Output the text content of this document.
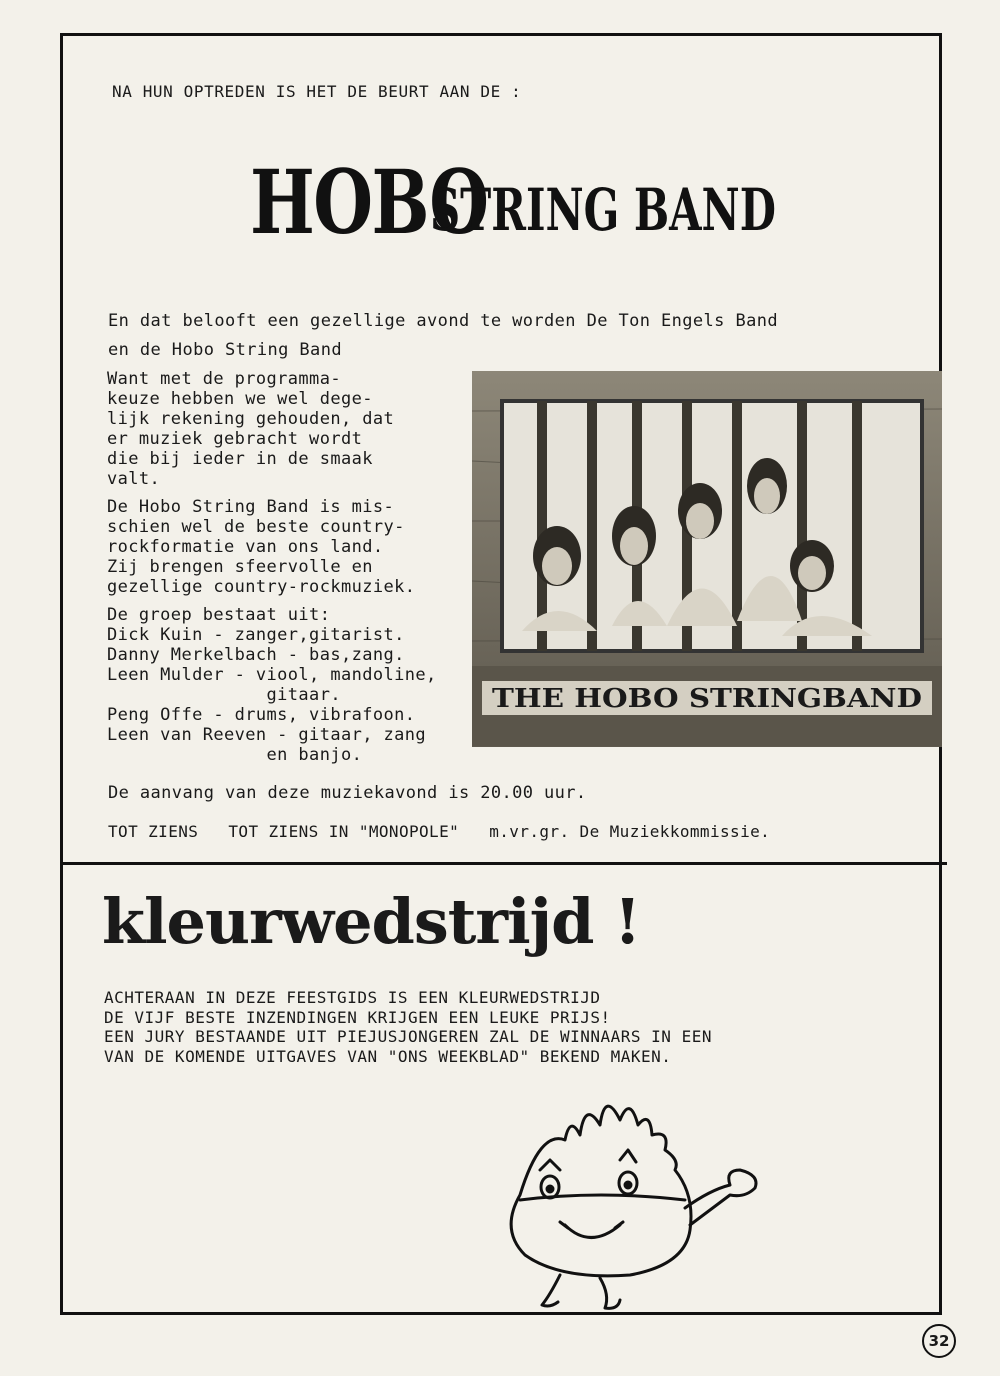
NA HUN OPTREDEN IS HET DE BEURT AAN DE :
HOBO
STRING BAND
En dat belooft een gezellige avond te worden De Ton Engels Band
en de Hobo String Band
Want met de programma-
keuze hebben we wel dege-
lijk rekening gehouden, dat
er muziek gebracht wordt
die bij ieder in de smaak
valt.
De Hobo String Band is mis-
schien wel de beste country-
rockformatie van ons land.
Zij brengen sfeervolle en
gezellige country-rockmuziek.
De groep bestaat uit:
Dick Kuin - zanger,gitarist.
Danny Merkelbach - bas,zang.
Leen Mulder - viool, mandoline,
gitaar.
Peng Offe - drums, vibrafoon.
Leen van Reeven - gitaar, zang
en banjo.
THE HOBO STRINGBAND
De aanvang van deze muziekavond is 20.00 uur.
TOT ZIENS   TOT ZIENS IN "MONOPOLE"   m.vr.gr. De Muziekkommissie.
kleurwedstrijd !
ACHTERAAN IN DEZE FEESTGIDS IS EEN KLEURWEDSTRIJD
DE VIJF BESTE INZENDINGEN KRIJGEN EEN LEUKE PRIJS!
EEN JURY BESTAANDE UIT PIEJUSJONGEREN ZAL DE WINNAARS IN EEN
VAN DE KOMENDE UITGAVES VAN "ONS WEEKBLAD" BEKEND MAKEN.
32
